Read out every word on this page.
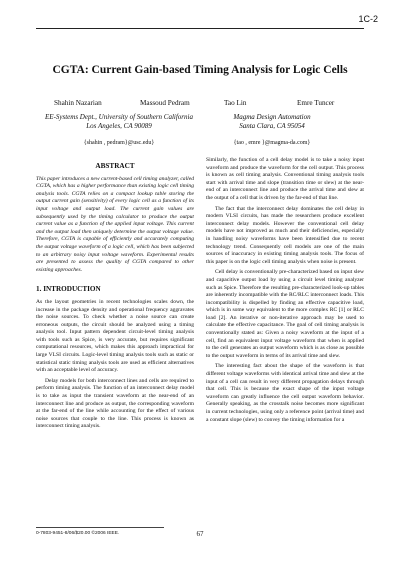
1C-2
CGTA: Current Gain-based Timing Analysis for Logic Cells
Shahin Nazarian	Massoud Pedram	Tao Lin	Emre Tuncer
EE-Systems Dept., University of Southern California
Los Angeles, CA 90089
Magma Design Automation
Santa Clara, CA 95054
{shahin , pedram}@usc.edu}	{tao , emre }@magma-da.com}
ABSTRACT

This paper introduces a new current-based cell timing analyzer, called CGTA, which has a higher performance than existing logic cell timing analysis tools. CGTA relies on a compact lookup table storing the output current gain (sensitivity) of every logic cell as a function of its input voltage and output load. The current gain values are subsequently used by the timing calculator to produce the output current value as a function of the applied input voltage. This current and the output load then uniquely determine the output voltage value. Therefore, CGTA is capable of efficiently and accurately computing the output voltage waveform of a logic cell, which has been subjected to an arbitrary noisy input voltage waveform. Experimental results are presented to assess the quality of CGTA compared to other existing approaches.

1. INTRODUCTION

As the layout geometries in recent technologies scales down, the increase in the package density and operational frequency aggravates the noise sources. To check whether a noise source can create erroneous outputs, the circuit should be analyzed using a timing analysis tool. Input pattern dependent circuit-level timing analysis with tools such as Spice, is very accurate, but requires significant computational resources, which makes this approach impractical for large VLSI circuits. Logic-level timing analysis tools such as static or statistical static timing analysis tools are used as efficient alternatives with an acceptable level of accuracy.

Delay models for both interconnect lines and cells are required to perform timing analysis. The function of an interconnect delay model is to take as input the transient waveform at the near-end of an interconnect line and produce as output, the corresponding waveform at the far-end of the line while accounting for the effect of various noise sources that couple to the line. This process is known as interconnect timing analysis.

Similarly, the function of a cell delay model is to take a noisy input waveform and produce the waveform for the cell output. This process is known as cell timing analysis. Conventional timing analysis tools start with arrival time and slope (transition time or slew) at the near-end of an interconnect line and produce the arrival time and slew at the output of a cell that is driven by the far-end of that line.

The fact that the interconnect delay dominates the cell delay in modern VLSI circuits, has made the researchers produce excellent interconnect delay models. However the conventional cell delay models have not improved as much and their deficiencies, especially in handling noisy waveforms have been intensified due to recent technology trend. Consequently cell models are one of the main sources of inaccuracy in existing timing analysis tools. The focus of this paper is on the logic cell timing analysis when noise is present.

Cell delay is conventionally pre-characterized based on input slew and capacitive output load by using a circuit level timing analyzer such as Spice. Therefore the resulting pre-characterized look-up tables are inherently incompatible with the RC/RLC interconnect loads. This incompatibility is dispelled by finding an effective capacitive load, which is in some way equivalent to the more complex RC [1] or RLC load [2]. An iterative or non-iterative approach may be used to calculate the effective capacitance. The goal of cell timing analysis is conventionally stated as: Given a noisy waveform at the input of a cell, find an equivalent input voltage waveform that when is applied to the cell generates an output waveform which is as close as possible to the output waveform in terms of its arrival time and slew.

The interesting fact about the shape of the waveform is that different voltage waveforms with identical arrival time and slew at the input of a cell can result in very different propagation delays through that cell. This is because the exact shape of the input voltage waveform can greatly influence the cell output waveform behavior. Generally speaking, as the crosstalk noise becomes more significant in current technologies, using only a reference point (arrival time) and a constant slope (slew) to convey the timing information for a

0-7803-9451-8/06/$20.00 ©2006 IEEE.	67
